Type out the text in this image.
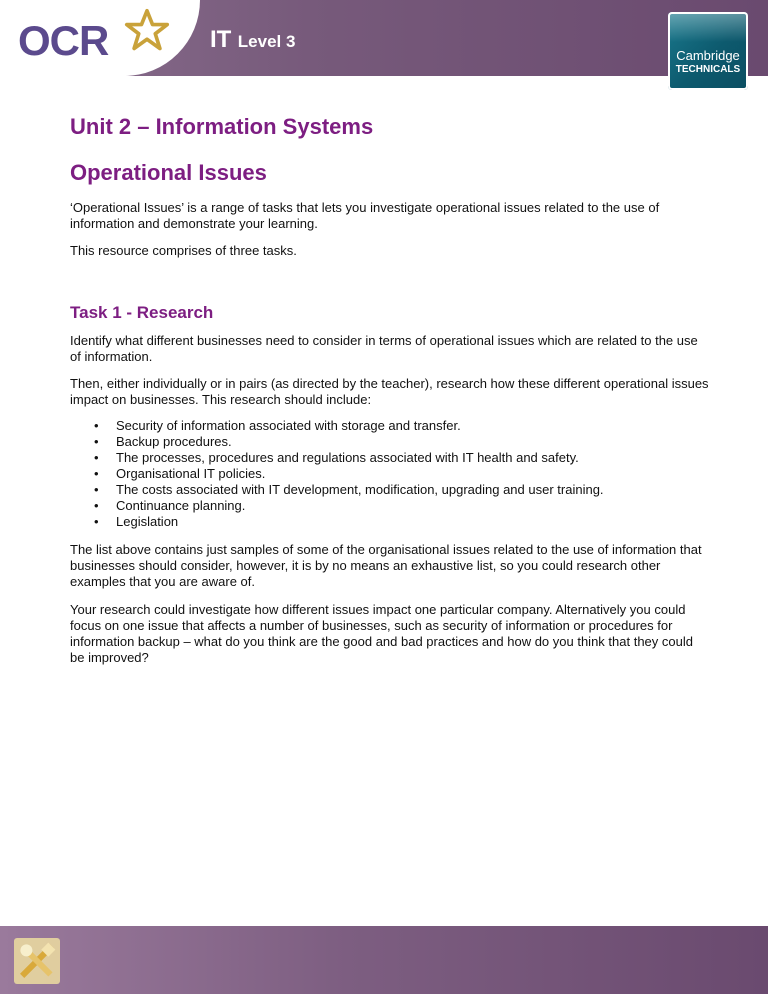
OCR	IT Level 3
Cambridge
TECHNICALS
Unit 2 – Information Systems
Operational Issues

‘Operational Issues’ is a range of tasks that lets you investigate operational issues related to the use of information and demonstrate your learning.

This resource comprises of three tasks.

Task 1 - Research

Identify what different businesses need to consider in terms of operational issues which are related to the use of information.

Then, either individually or in pairs (as directed by the teacher), research how these different operational issues impact on businesses. This research should include:

• Security of information associated with storage and transfer.
• Backup procedures.
• The processes, procedures and regulations associated with IT health and safety.
• Organisational IT policies.
• The costs associated with IT development, modification, upgrading and user training.
• Continuance planning.
• Legislation

The list above contains just samples of some of the organisational issues related to the use of information that businesses should consider, however, it is by no means an exhaustive list, so you could research other examples that you are aware of.

Your research could investigate how different issues impact one particular company. Alternatively you could focus on one issue that affects a number of businesses, such as security of information or procedures for information backup – what do you think are the good and bad practices and how do you think that they could be improved?
